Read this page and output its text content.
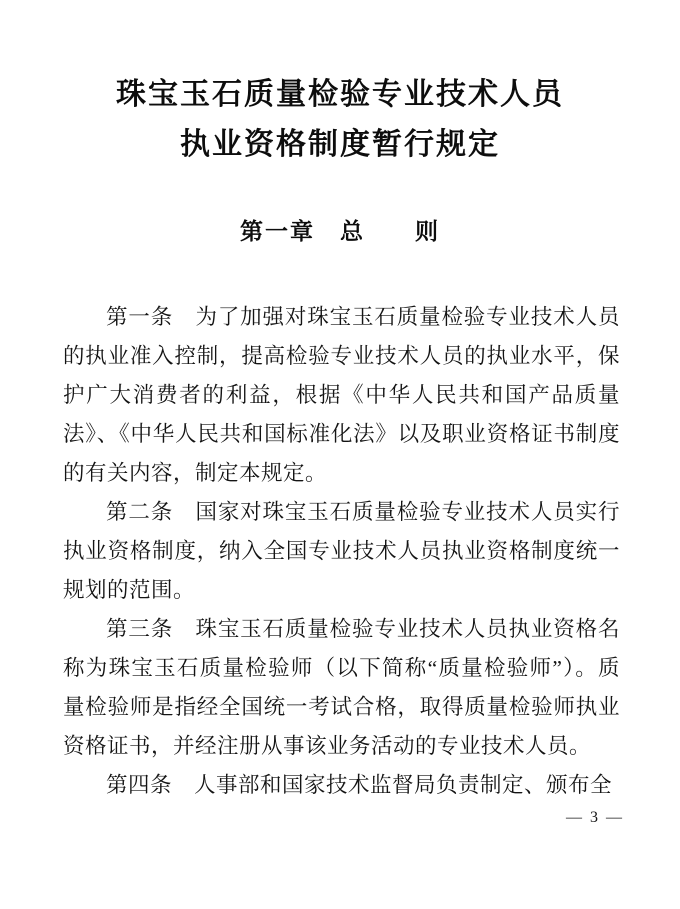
珠宝玉石质量检验专业技术人员
执业资格制度暂行规定
第一章　总　　则

第一条　为了加强对珠宝玉石质量检验专业技术人员的执业准入控制，提高检验专业技术人员的执业水平，保护广大消费者的利益，根据《中华人民共和国产品质量法》、《中华人民共和国标准化法》以及职业资格证书制度的有关内容，制定本规定。

第二条　国家对珠宝玉石质量检验专业技术人员实行执业资格制度，纳入全国专业技术人员执业资格制度统一规划的范围。

第三条　珠宝玉石质量检验专业技术人员执业资格名称为珠宝玉石质量检验师（以下简称“质量检验师”）。质量检验师是指经全国统一考试合格，取得质量检验师执业资格证书，并经注册从事该业务活动的专业技术人员。

第四条　人事部和国家技术监督局负责制定、颁布全

— 3 —
